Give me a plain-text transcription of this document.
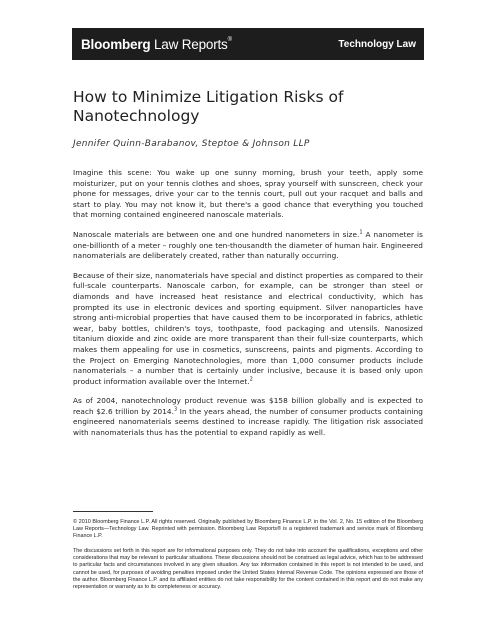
Bloomberg Law Reports®	Technology Law
How to Minimize Litigation Risks of Nanotechnology

Jennifer Quinn-Barabanov, Steptoe & Johnson LLP

Imagine this scene: You wake up one sunny morning, brush your teeth, apply some moisturizer, put on your tennis clothes and shoes, spray yourself with sunscreen, check your phone for messages, drive your car to the tennis court, pull out your racquet and balls and start to play. You may not know it, but there's a good chance that everything you touched that morning contained engineered nanoscale materials.

Nanoscale materials are between one and one hundred nanometers in size.$^1$ A nanometer is one-billionth of a meter – roughly one ten-thousandth the diameter of human hair. Engineered nanomaterials are deliberately created, rather than naturally occurring.

Because of their size, nanomaterials have special and distinct properties as compared to their full-scale counterparts. Nanoscale carbon, for example, can be stronger than steel or diamonds and have increased heat resistance and electrical conductivity, which has prompted its use in electronic devices and sporting equipment. Silver nanoparticles have strong anti-microbial properties that have caused them to be incorporated in fabrics, athletic wear, baby bottles, children's toys, toothpaste, food packaging and utensils. Nanosized titanium dioxide and zinc oxide are more transparent than their full-size counterparts, which makes them appealing for use in cosmetics, sunscreens, paints and pigments. According to the Project on Emerging Nanotechnologies, more than 1,000 consumer products include nanomaterials – a number that is certainly under inclusive, because it is based only upon product information available over the Internet.$^2$

As of 2004, nanotechnology product revenue was $158 billion globally and is expected to reach $2.6 trillion by 2014.$^3$ In the years ahead, the number of consumer products containing engineered nanomaterials seems destined to increase rapidly. The litigation risk associated with nanomaterials thus has the potential to expand rapidly as well.

© 2010 Bloomberg Finance L.P. All rights reserved. Originally published by Bloomberg Finance L.P. in the Vol. 2, No. 15 edition of the Bloomberg Law Reports—Technology Law. Reprinted with permission. Bloomberg Law Reports® is a registered trademark and service mark of Bloomberg Finance L.P.

The discussions set forth in this report are for informational purposes only. They do not take into account the qualifications, exceptions and other considerations that may be relevant to particular situations. These discussions should not be construed as legal advice, which has to be addressed to particular facts and circumstances involved in any given situation. Any tax information contained in this report is not intended to be used, and cannot be used, for purposes of avoiding penalties imposed under the United States Internal Revenue Code. The opinions expressed are those of the author. Bloomberg Finance L.P. and its affiliated entities do not take responsibility for the content contained in this report and do not make any representation or warranty as to its completeness or accuracy.
